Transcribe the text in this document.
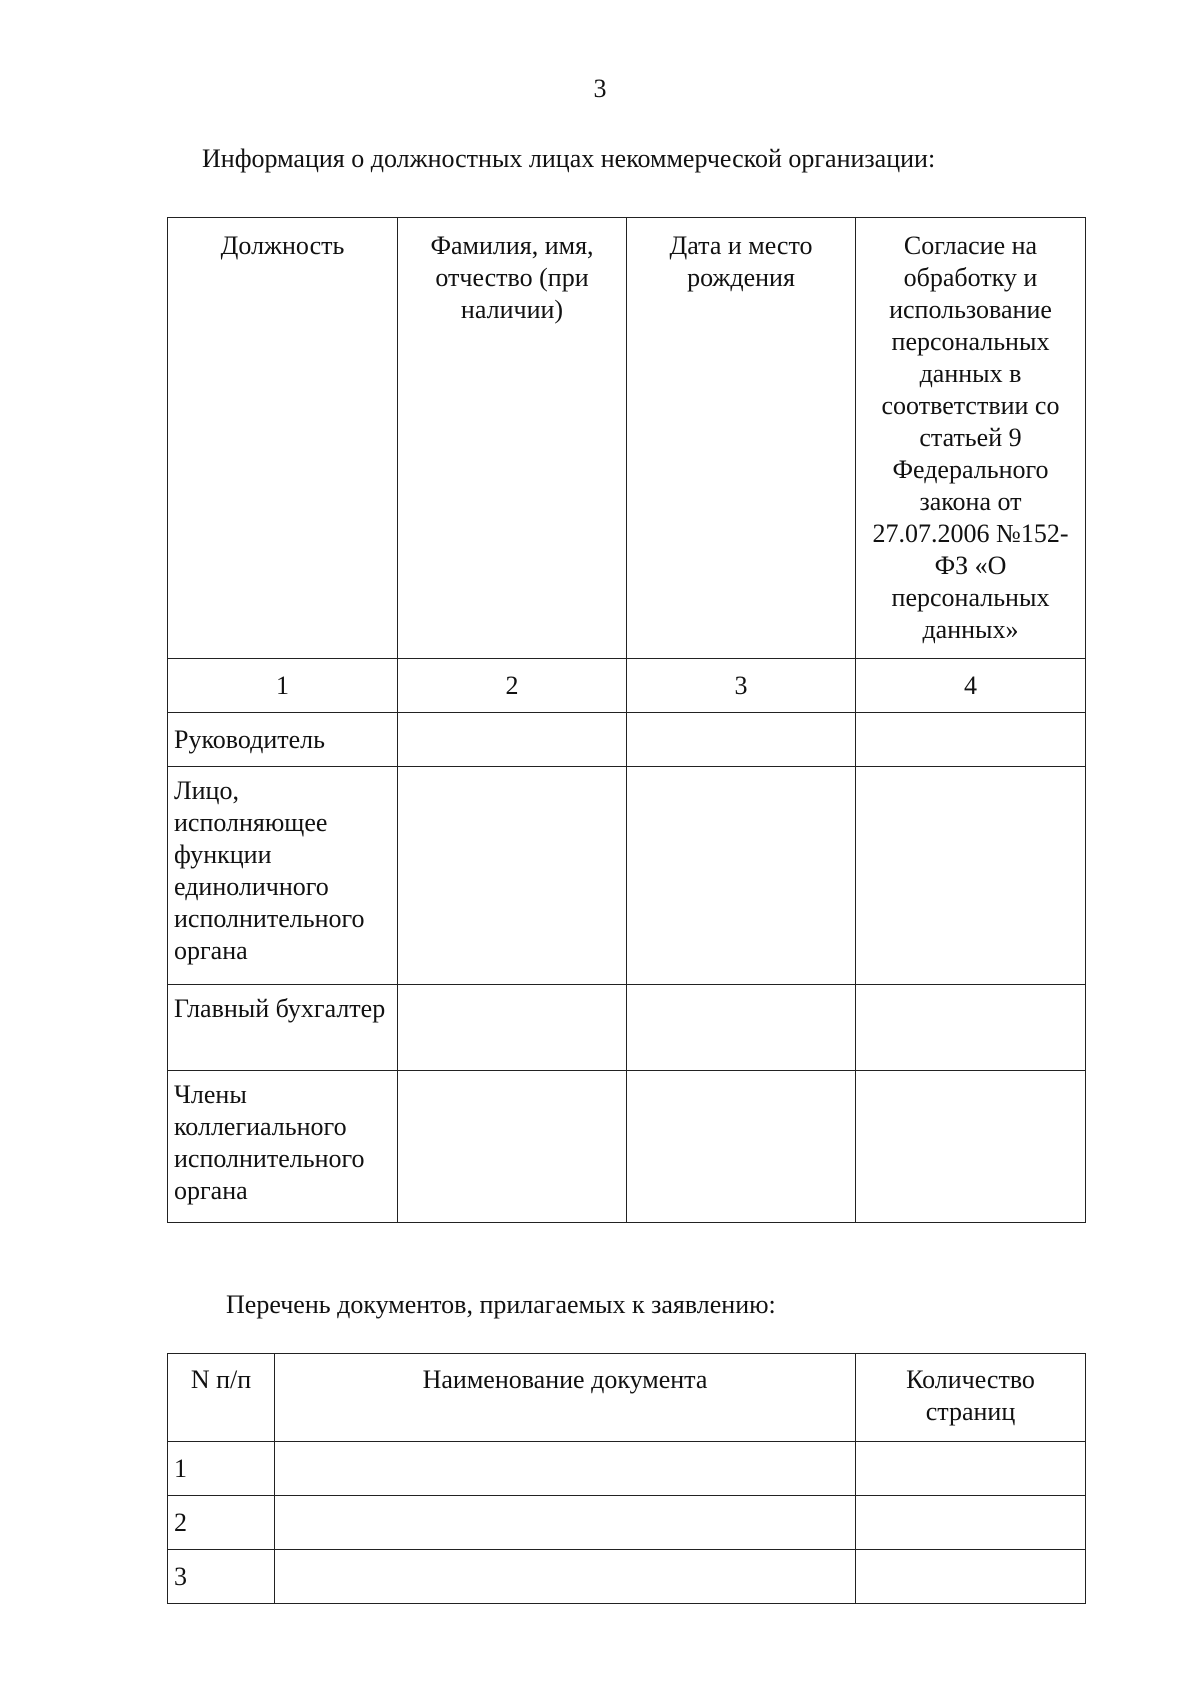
3
Информация о должностных лицах некоммерческой организации:
Должность	Фамилия, имя, отчество (при наличии)	Дата и место рождения	Согласие на обработку и использование персональных данных в соответствии со статьей 9 Федерального закона от 27.07.2006 №152-ФЗ «О персональных данных»
1	2	3	4
Руководитель			
Лицо, исполняющее функции единоличного исполнительного органа			
Главный бухгалтер			
Члены коллегиального исполнительного органа			
Перечень документов, прилагаемых к заявлению:
N п/п	Наименование документа	Количество страниц
1		
2		
3		
